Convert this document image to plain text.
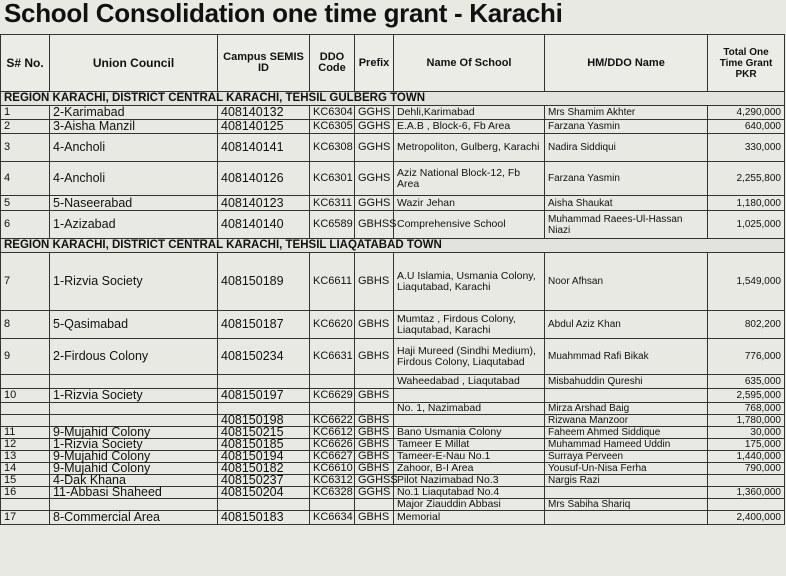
School Consolidation one time grant - Karachi
S# No.	Union Council	Campus SEMIS ID	DDO Code	Prefix	Name Of School	HM/DDO Name	Total One Time Grant PKR
REGION KARACHI, DISTRICT CENTRAL KARACHI, TEHSIL GULBERG TOWN							
1	2-Karimabad	408140132	KC6304	GGHS	Dehli,Karimabad	Mrs Shamim Akhter	4,290,000
2	3-Aisha Manzil	408140125	KC6305	GGHS	E.A.B , Block-6, Fb Area	Farzana Yasmin	640,000
3	4-Ancholi	408140141	KC6308	GGHS	Metropoliton, Gulberg, Karachi	Nadira Siddiqui	330,000
4	4-Ancholi	408140126	KC6301	GGHS	Aziz National Block-12, Fb Area	Farzana Yasmin	2,255,800
5	5-Naseerabad	408140123	KC6311	GGHS	Wazir Jehan	Aisha Shaukat	1,180,000
6	1-Azizabad	408140140	KC6589	GBHSS	Comprehensive School	Muhammad Raees-Ul-Hassan Niazi	1,025,000
REGION KARACHI, DISTRICT CENTRAL KARACHI, TEHSIL LIAQATABAD TOWN							
7	1-Rizvia Society	408150189	KC6611	GBHS	A.U Islamia, Usmania Colony, Liaqutabad, Karachi	Noor Afhsan	1,549,000
8	5-Qasimabad	408150187	KC6620	GBHS	Mumtaz , Firdous Colony, Liaqutabad, Karachi	Abdul Aziz Khan	802,200
9	2-Firdous Colony	408150234	KC6631	GBHS	Haji Mureed (Sindhi Medium), Firdous Colony, Liaqutabad	Muahmmad Rafi Bikak	776,000
					Waheedabad , Liaqutabad	Misbahuddin Qureshi	635,000
10	1-Rizvia Society	408150197	KC6629	GBHS			2,595,000
					No. 1, Nazimabad	Mirza Arshad Baig	768,000
		408150198	KC6622	GBHS		Rizwana Manzoor	1,780,000
11	9-Mujahid Colony	408150215	KC6612	GBHS	Bano Usmania Colony	Faheem Ahmed Siddique	30,000
12	1-Rizvia Society	408150185	KC6626	GBHS	Tameer E Millat	Muhammad Hameed Uddin	175,000
13	9-Mujahid Colony	408150194	KC6627	GBHS	Tameer-E-Nau No.1	Surraya Perveen	1,440,000
14	9-Mujahid Colony	408150182	KC6610	GBHS	Zahoor, B-I Area	Yousuf-Un-Nisa Ferha	790,000
15	4-Dak Khana	408150237	KC6312	GGHSS	Pilot Nazimabad No.3	Nargis Razi	
16	11-Abbasi Shaheed	408150204	KC6328	GGHS	No.1 Liaqutabad No.4		1,360,000
					Major Ziauddin Abbasi	Mrs Sabiha Shariq	
17	8-Commercial Area	408150183	KC6634	GBHS	Memorial		2,400,000
